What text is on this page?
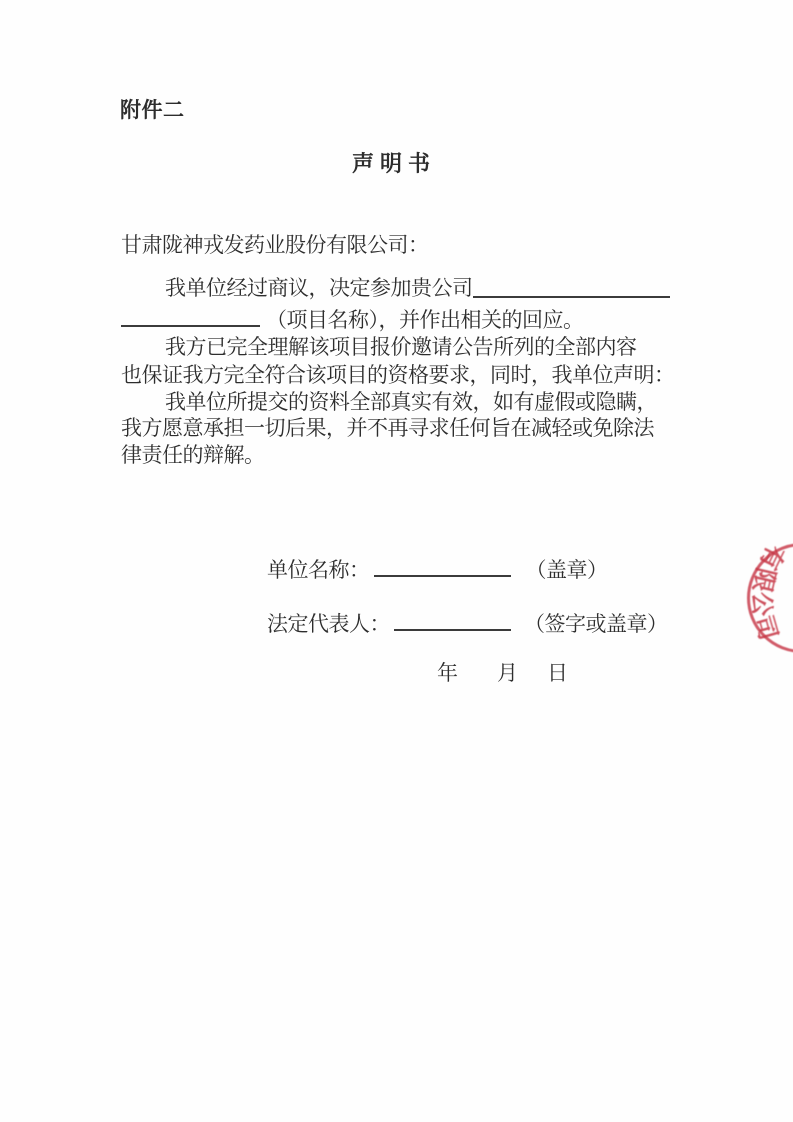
附件二
声明书
甘肃陇神戎发药业股份有限公司：
我单位经过商议，决定参加贵公司
（项目名称），并作出相关的回应。
我方已完全理解该项目报价邀请公告所列的全部内容
也保证我方完全符合该项目的资格要求，同时，我单位声明：
我单位所提交的资料全部真实有效，如有虚假或隐瞒，
我方愿意承担一切后果，并不再寻求任何旨在减轻或免除法
律责任的辩解。
单位名称：	（盖章）
法定代表人：	（签字或盖章）
年 月 日
有
限
公
司
